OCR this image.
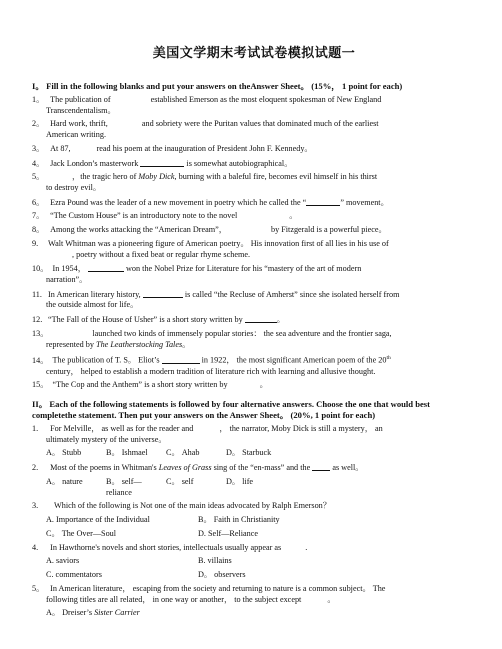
美国文学期末考试试卷模拟试题一
I。 Fill in the following blanks and put your answers on theAnswer Sheet。 (15%， 1 point for each)
1。 The publication of	established Emerson as the most eloquent spokesman of New England
Transcendentalism。
2。 Hard work, thrift,	and sobriety were the Puritan values that dominated much of the earliest
American writing.
3。 At 87,	read his poem at the inauguration of President John F. Kennedy。
4。 Jack London’s masterwork	is somewhat autobiographical。
5。	，the tragic hero of Moby Dick, burning with a baleful fire, becomes evil himself in his thirst
to destroy evil。
6。 Ezra Pound was the leader of a new movement in poetry which he called the “	” movement。
7。 “The Custom House” is an introductory note to the novel	。
8。 Among the works attacking the “American Dream”，	by Fitzgerald is a powerful piece。
9. Walt Whitman was a pioneering figure of American poetry。 His innovation first of all lies in his use of
, poetry without a fixed beat or regular rhyme scheme.
10。 In 1954，	won the Nobel Prize for Literature for his “mastery of the art of modern
narration”。
11. In American literary history,	is called “the Recluse of Amherst” since she isolated herself from
the outside almost for life。
12. “The Fall of the House of Usher” is a short story written by	。
13。	launched two kinds of immensely popular stories： the sea adventure and the frontier saga,
represented by The Leatherstocking Tales。
14。 The publication of T. S。 Eliot’s	in 1922， the most significant American poem of the 20th
century， helped to establish a modern tradition of literature rich with learning and allusive thought.
15。 “The Cop and the Anthem” is a short story written by	。
II。 Each of the following statements is followed by four alternative answers. Choose the one that would best completethe statement. Then put your answers on the Answer Sheet。 (20%, 1 point for each)
1. For Melville， as well as for the reader and	， the narrator, Moby Dick is still a mystery， an
ultimately mystery of the universe。
A。 Stubb	B。 Ishmael	C。 Ahab	D。 Starbuck
2. Most of the poems in Whitman's Leaves of Grass sing of the “en-mass” and the	as well。
A。 nature	B。 self—reliance
C。 self	D。 life
3. Which of the following is Not one of the main ideas advocated by Ralph Emerson？
A. Importance of the Individual	B。 Faith in Christianity
C。 The Over—Soul	D. Self—Reliance
4. In Hawthorne's novels and short stories, intellectuals usually appear as	.
A. saviors	B. villains
C. commentators	D。 observers
5。 In American literature， escaping from the society and returning to nature is a common subject。 The
following titles are all related， in one way or another， to the subject except	。
A。 Dreiser’s Sister Carrier
